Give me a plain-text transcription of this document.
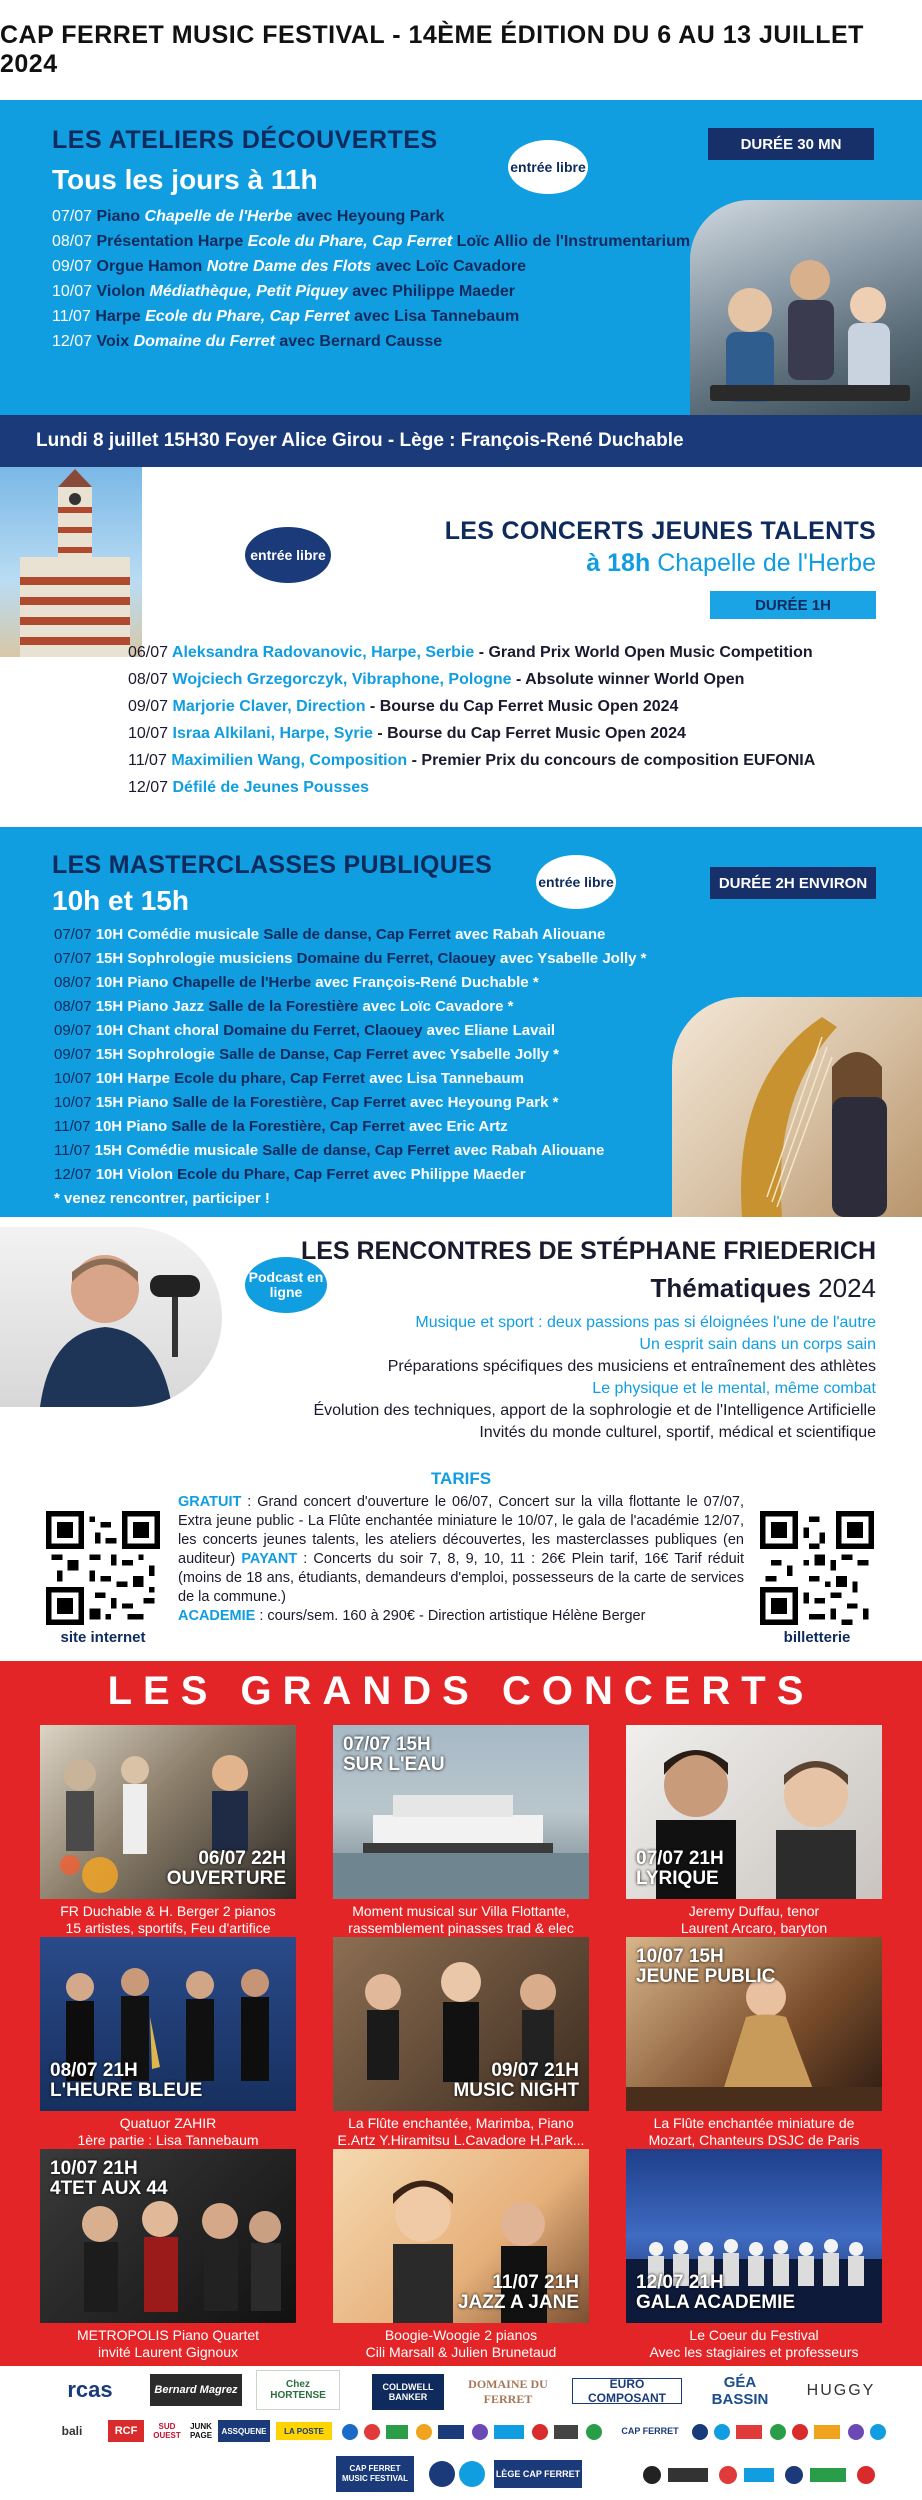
CAP FERRET MUSIC FESTIVAL - 14ÈME ÉDITION DU 6 AU 13 JUILLET 2024
LES ATELIERS DÉCOUVERTES
Tous les jours à 11h	entrée libre
DURÉE 30 MN
07/07 Piano Chapelle de l'Herbe avec Heyoung Park
08/07 Présentation Harpe Ecole du Phare, Cap Ferret Loïc Allio de l'Instrumentarium
09/07 Orgue Hamon Notre Dame des Flots avec Loïc Cavadore
10/07 Violon Médiathèque, Petit Piquey avec Philippe Maeder
11/07 Harpe Ecole du Phare, Cap Ferret avec Lisa Tannebaum
12/07 Voix Domaine du Ferret avec Bernard Causse
Lundi 8 juillet 15H30 Foyer Alice Girou - Lège : François-René Duchable
entrée libre
LES CONCERTS JEUNES TALENTS
à 18h Chapelle de l'Herbe
DURÉE 1H
06/07 Aleksandra Radovanovic, Harpe, Serbie - Grand Prix World Open Music Competition
08/07 Wojciech Grzegorczyk, Vibraphone, Pologne - Absolute winner World Open
09/07 Marjorie Claver, Direction - Bourse du Cap Ferret Music Open 2024
10/07 Israa Alkilani, Harpe, Syrie - Bourse du Cap Ferret Music Open 2024
11/07 Maximilien Wang, Composition - Premier Prix du concours de composition EUFONIA
12/07 Défilé de Jeunes Pousses
LES MASTERCLASSES PUBLIQUES
10h et 15h
entrée libre	DURÉE 2H ENVIRON
07/07 10H Comédie musicale Salle de danse, Cap Ferret avec Rabah Aliouane
07/07 15H Sophrologie musiciens Domaine du Ferret, Claouey avec Ysabelle Jolly *
08/07 10H Piano Chapelle de l'Herbe avec François-René Duchable *
08/07 15H Piano Jazz Salle de la Forestière avec Loïc Cavadore *
09/07 10H Chant choral Domaine du Ferret, Claouey avec Eliane Lavail
09/07 15H Sophrologie Salle de Danse, Cap Ferret avec Ysabelle Jolly *
10/07 10H Harpe Ecole du phare, Cap Ferret avec Lisa Tannebaum
10/07 15H Piano Salle de la Forestière, Cap Ferret avec Heyoung Park *
11/07 10H Piano Salle de la Forestière, Cap Ferret avec Eric Artz
11/07 15H Comédie musicale Salle de danse, Cap Ferret avec Rabah Aliouane
12/07 10H Violon Ecole du Phare, Cap Ferret avec Philippe Maeder
* venez rencontrer, participer !
Podcast en ligne
LES RENCONTRES DE STÉPHANE FRIEDERICH
Thématiques 2024
Musique et sport : deux passions pas si éloignées l'une de l'autre
Un esprit sain dans un corps sain
Préparations spécifiques des musiciens et entraînement des athlètes
Le physique et le mental, même combat
Évolution des techniques, apport de la sophrologie et de l'Intelligence Artificielle
Invités du monde culturel, sportif, médical et scientifique
TARIFS
site internet
GRATUIT : Grand concert d'ouverture le 06/07, Concert sur la villa flottante le 07/07, Extra jeune public - La Flûte enchantée miniature le 10/07, le gala de l'académie 12/07, les concerts jeunes talents, les ateliers découvertes, les masterclasses publiques (en auditeur) PAYANT : Concerts du soir 7, 8, 9, 10, 11 : 26€ Plein tarif, 16€ Tarif réduit (moins de 18 ans, étudiants, demandeurs d'emploi, possesseurs de la carte de services de la commune.)
ACADEMIE : cours/sem. 160 à 290€ - Direction artistique Hélène Berger
billetterie
LES GRANDS CONCERTS
06/07 22H
OUVERTURE
FR Duchable & H. Berger 2 pianos
15 artistes, sportifs, Feu d'artifice
07/07 15H
SUR L'EAU
Moment musical sur Villa Flottante,
rassemblement pinasses trad & elec
07/07 21H
LYRIQUE
Jeremy Duffau, tenor
Laurent Arcaro, baryton
08/07 21H
L'HEURE BLEUE
Quatuor ZAHIR
1ère partie : Lisa Tannebaum
09/07 21H
MUSIC NIGHT
La Flûte enchantée, Marimba, Piano
E.Artz Y.Hiramitsu L.Cavadore H.Park...
10/07 15H
JEUNE PUBLIC
La Flûte enchantée miniature de
Mozart, Chanteurs DSJC de Paris
10/07 21H
4TET AUX 44
METROPOLIS Piano Quartet
invité Laurent Gignoux
11/07 21H
JAZZ A JANE
Boogie-Woogie 2 pianos
Cili Marsall & Julien Brunetaud
12/07 21H
GALA ACADEMIE
Le Coeur du Festival
Avec les stagiaires et professeurs
rcas	Bernard Magrez	Chez HORTENSE
COLDWELL BANKER
DOMAINE DU FERRET
EURO COMPOSANT
GÉA BASSIN
HUGGY
bali	RCF	SUD OUEST
JUNK PAGE	ASSQUENE	LA POSTE	CAP FERRET
CAP FERRET MUSIC FESTIVAL	LÈGE CAP FERRET
